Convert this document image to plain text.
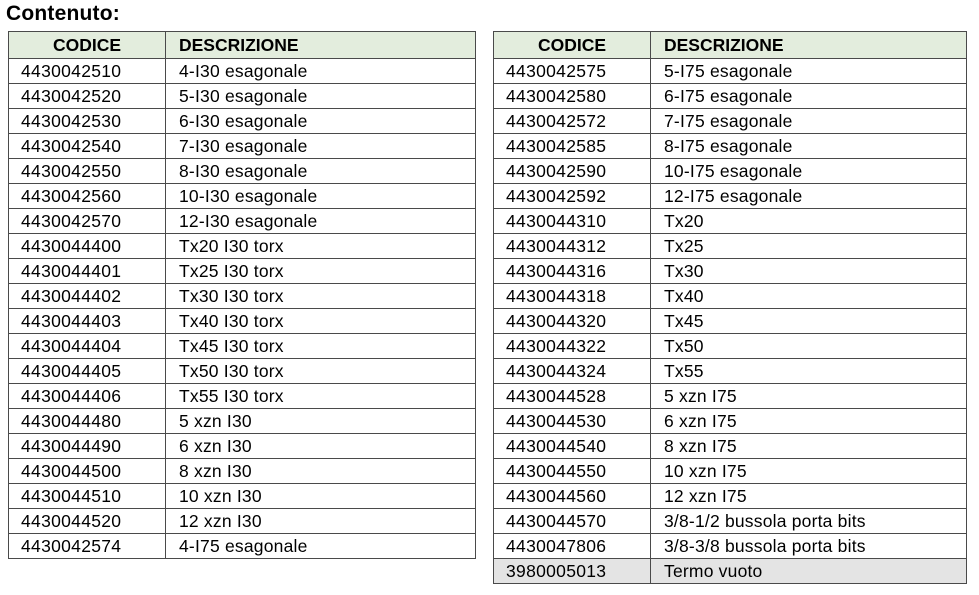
Contenuto:
CODICE	DESCRIZIONE
4430042510	4-I30 esagonale
4430042520	5-I30 esagonale
4430042530	6-I30 esagonale
4430042540	7-I30 esagonale
4430042550	8-I30 esagonale
4430042560	10-I30 esagonale
4430042570	12-I30 esagonale
4430044400	Tx20 I30 torx
4430044401	Tx25 I30 torx
4430044402	Tx30 I30 torx
4430044403	Tx40 I30 torx
4430044404	Tx45 I30 torx
4430044405	Tx50 I30 torx
4430044406	Tx55 I30 torx
4430044480	5 xzn I30
4430044490	6 xzn I30
4430044500	8 xzn I30
4430044510	10 xzn I30
4430044520	12 xzn I30
4430042574	4-I75 esagonale
CODICE	DESCRIZIONE
4430042575	5-I75 esagonale
4430042580	6-I75 esagonale
4430042572	7-I75 esagonale
4430042585	8-I75 esagonale
4430042590	10-I75 esagonale
4430042592	12-I75 esagonale
4430044310	Tx20
4430044312	Tx25
4430044316	Tx30
4430044318	Tx40
4430044320	Tx45
4430044322	Tx50
4430044324	Tx55
4430044528	5 xzn I75
4430044530	6 xzn I75
4430044540	8 xzn I75
4430044550	10 xzn I75
4430044560	12 xzn I75
4430044570	3/8-1/2 bussola porta bits
4430047806	3/8-3/8 bussola porta bits
3980005013	Termo vuoto
